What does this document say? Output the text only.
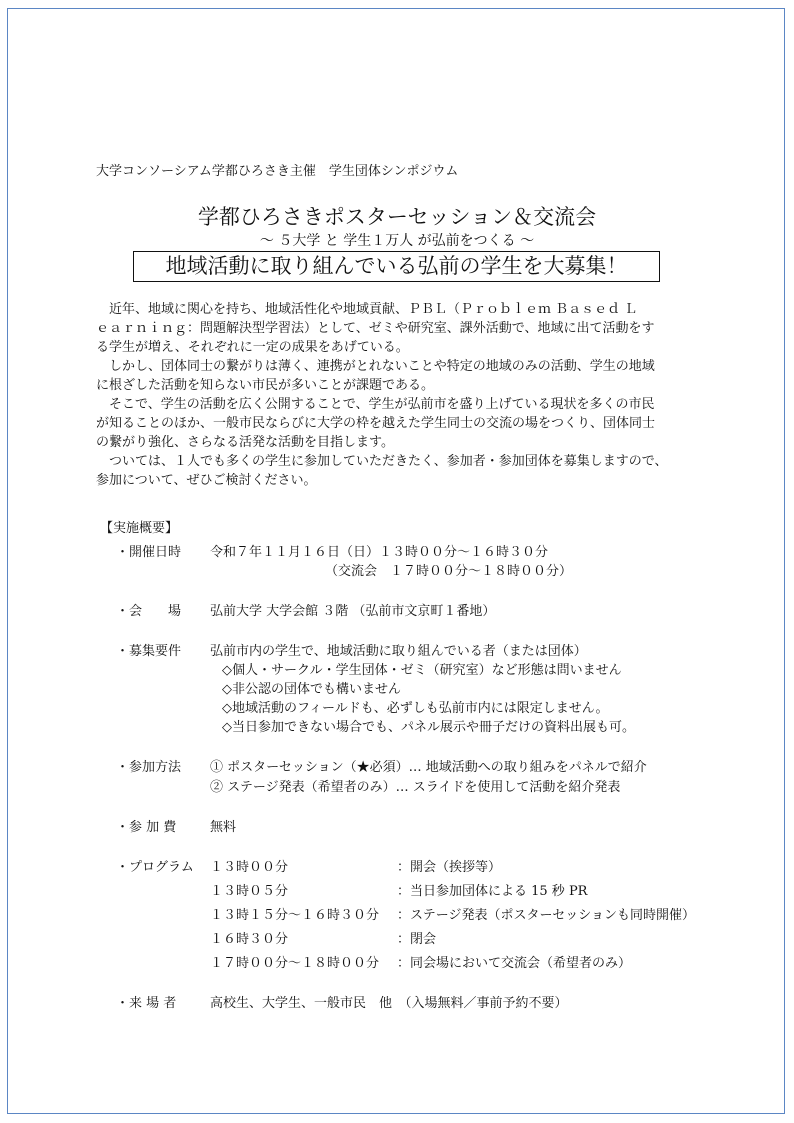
大学コンソーシアム学都ひろさき主催　学生団体シンポジウム
学都ひろさきポスターセッション＆交流会
～ ５大学 と 学生１万人 が弘前をつくる ～
地域活動に取り組んでいる弘前の学生を大募集！
　近年、地域に関心を持ち、地域活性化や地域貢献、ＰＢＬ（Ｐｒｏｂｌｅｍ Ｂａｓｅｄ Ｌ
ｅａｒｎｉｎｇ：問題解決型学習法）として、ゼミや研究室、課外活動で、地域に出て活動をす
る学生が増え、それぞれに一定の成果をあげている。
　しかし、団体同士の繋がりは薄く、連携がとれないことや特定の地域のみの活動、学生の地域
に根ざした活動を知らない市民が多いことが課題である。
　そこで、学生の活動を広く公開することで、学生が弘前市を盛り上げている現状を多くの市民
が知ることのほか、一般市民ならびに大学の枠を越えた学生同士の交流の場をつくり、団体同士
の繋がり強化、さらなる活発な活動を目指します。
　ついては、１人でも多くの学生に参加していただきたく、参加者・参加団体を募集しますので、
参加について、ぜひご検討ください。
【実施概要】
・開催日時 令和７年１１月１６日（日）１３時００分～１６時３０分
（交流会　１７時００分～１８時００分）
・会　　場 弘前大学 大学会館 ３階 （弘前市文京町１番地）
・募集要件 弘前市内の学生で、地域活動に取り組んでいる者（または団体）
◇個人・サークル・学生団体・ゼミ（研究室）など形態は問いません
◇非公認の団体でも構いません
◇地域活動のフィールドも、必ずしも弘前市内には限定しません。
◇当日参加できない場合でも、パネル展示や冊子だけの資料出展も可。
・参加方法 ① ポスターセッション（★必須）… 地域活動への取り組みをパネルで紹介
② ステージ発表（希望者のみ）… スライドを使用して活動を紹介発表
・参 加 費	無料
・プログラム １３時００分	：開会（挨拶等）
１３時０５分	：当日参加団体による 15 秒 PR
１３時１５分～１６時３０分 ：ステージ発表（ポスターセッションも同時開催）
１６時３０分	：閉会
１７時００分～１８時００分 ：同会場において交流会（希望者のみ）
・来 場 者	高校生、大学生、一般市民　他　（入場無料／事前予約不要）
